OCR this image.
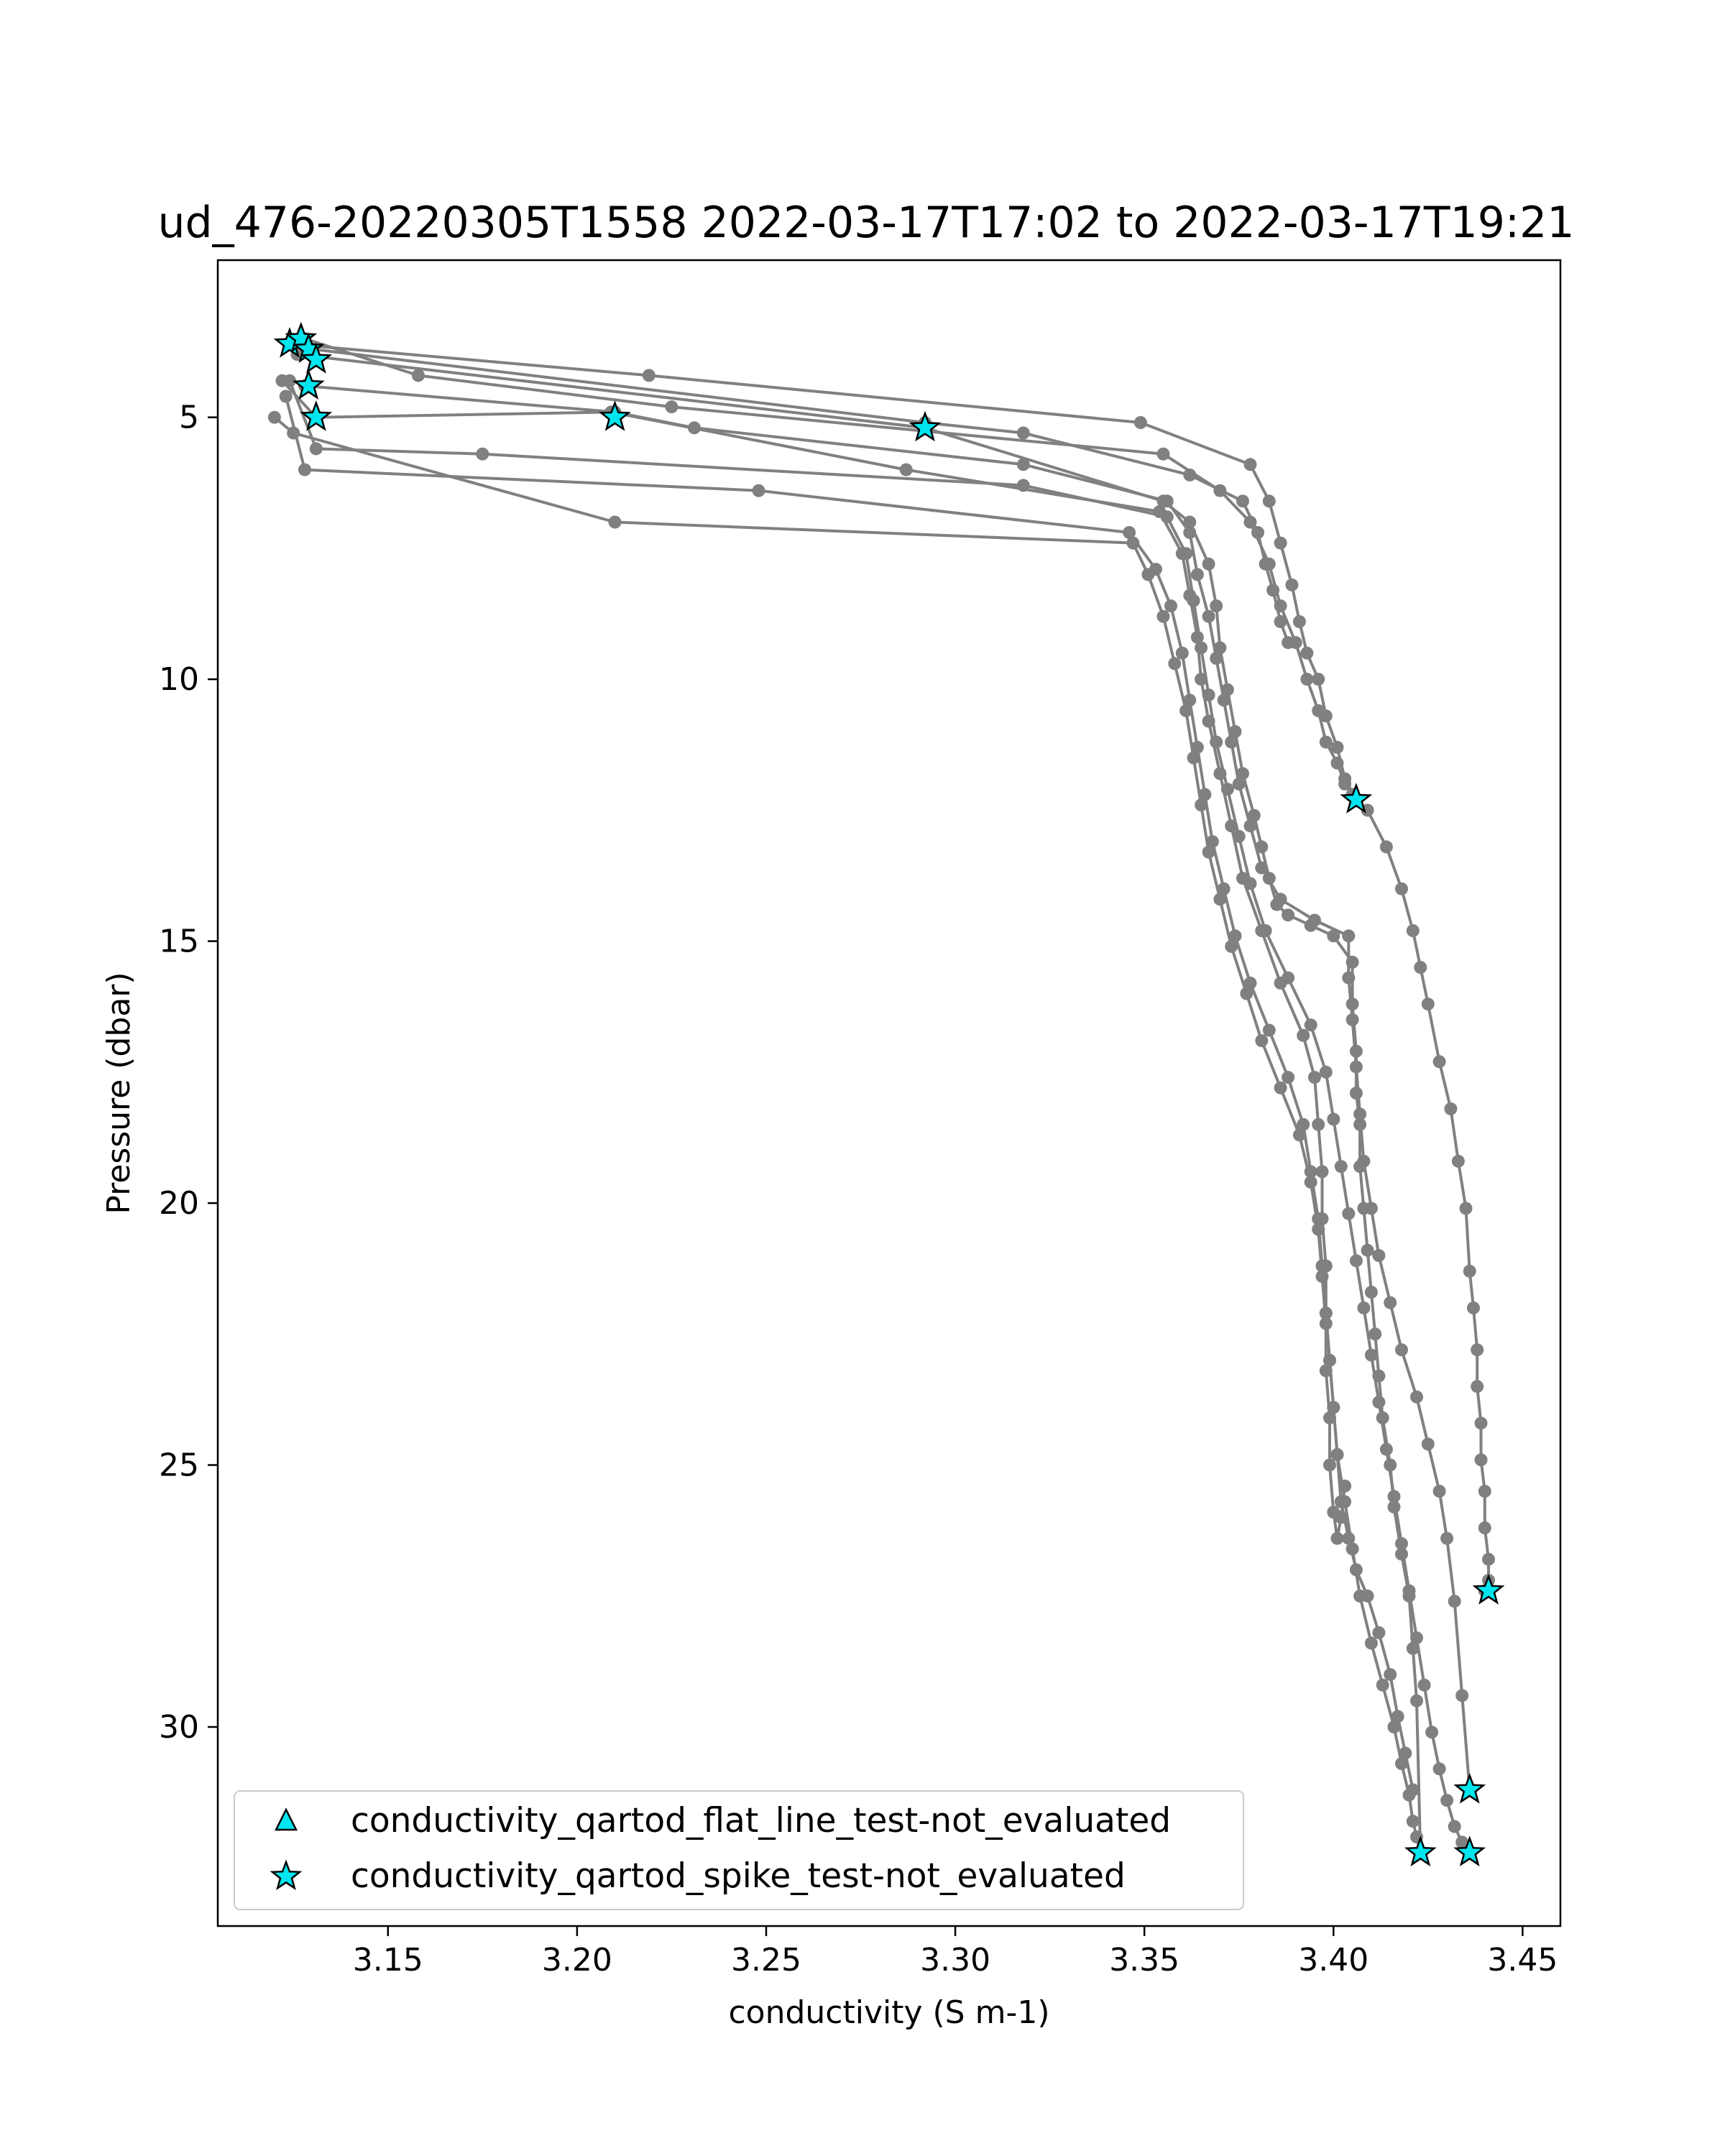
ud_476-20220305T1558 2022-03-17T17:02 to 2022-03-17T19:21
3.15	3.20	3.25	3.30	3.35	3.40	3.45
5
10
15
20
25
30
conductivity (S m-1)
Pressure (dbar)
conductivity_qartod_flat_line_test-not_evaluated
conductivity_qartod_spike_test-not_evaluated
